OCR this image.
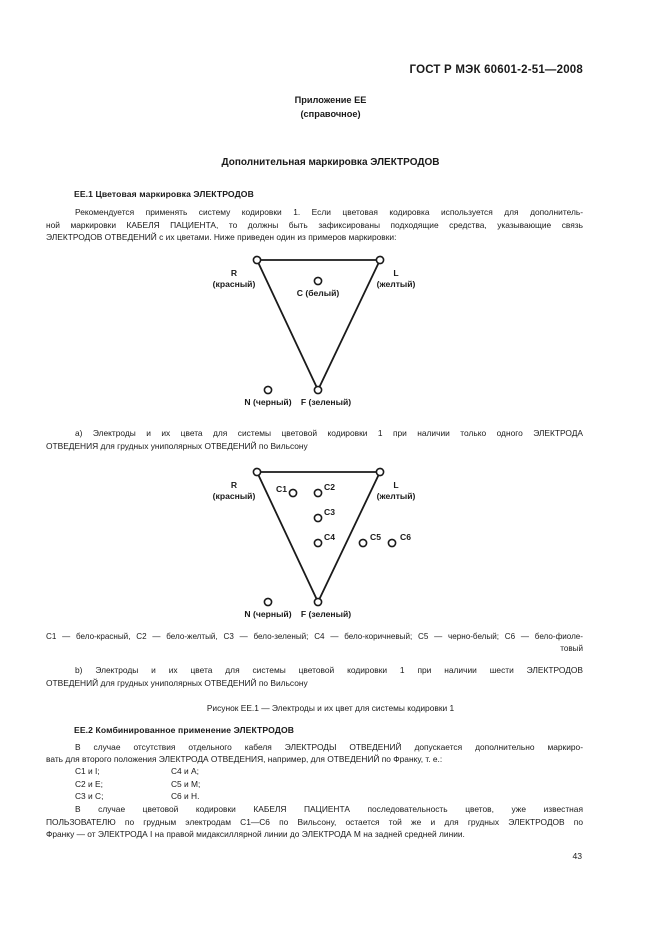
ГОСТ Р МЭК 60601-2-51—2008
Приложение ЕЕ
(справочное)
Дополнительная маркировка ЭЛЕКТРОДОВ
ЕЕ.1 Цветовая маркировка ЭЛЕКТРОДОВ
Рекомендуется применять систему кодировки 1. Если цветовая кодировка используется для дополнитель-
ной маркировки КАБЕЛЯ ПАЦИЕНТА, то должны быть зафиксированы подходящие средства, указывающие связь
ЭЛЕКТРОДОВ ОТВЕДЕНИЙ с их цветами. Ниже приведен один из примеров маркировки:
R
(красный)
L
(желтый)
С (белый)
N (черный) F (зеленый)
а) Электроды и их цвета для системы цветовой кодировки 1 при наличии только одного ЭЛЕКТРОДА
ОТВЕДЕНИЯ для грудных униполярных ОТВЕДЕНИЙ по Вильсону
R
(красный)
L
(желтый)
C1	C2
C3
C4	C5 C6
N (черный) F (зеленый)
С1 — бело-красный, С2 — бело-желтый, С3 — бело-зеленый; С4 — бело-коричневый; С5 — черно-белый; С6 — бело-фиоле-
товый
b) Электроды и их цвета для системы цветовой кодировки 1 при наличии шести ЭЛЕКТРОДОВ
ОТВЕДЕНИЙ для грудных униполярных ОТВЕДЕНИЙ по Вильсону
Рисунок ЕЕ.1 — Электроды и их цвет для системы кодировки 1
ЕЕ.2 Комбинированное применение ЭЛЕКТРОДОВ
В случае отсутствия отдельного кабеля ЭЛЕКТРОДЫ ОТВЕДЕНИЙ допускается дополнительно маркиро-
вать для второго положения ЭЛЕКТРОДА ОТВЕДЕНИЯ, например, для ОТВЕДЕНИЙ по Франку, т. е.:
С1 и I;	С4 и А;
С2 и Е;	С5 и М;
С3 и С;	С6 и Н.
В случае цветовой кодировки КАБЕЛЯ ПАЦИЕНТА последовательность цветов, уже известная
ПОЛЬЗОВАТЕЛЮ по грудным электродам С1—С6 по Вильсону, остается той же и для грудных ЭЛЕКТРОДОВ по
Франку — от ЭЛЕКТРОДА I на правой мидаксиллярной линии до ЭЛЕКТРОДА М на задней средней линии.
43
